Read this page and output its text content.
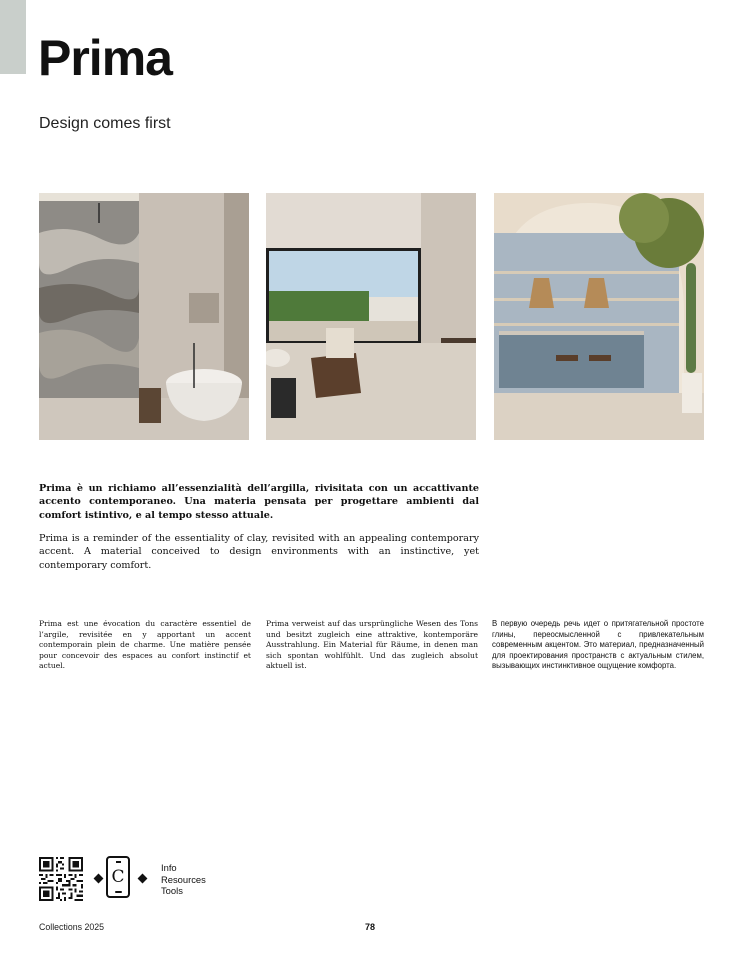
Prima
Design comes first

Prima è un richiamo all’essenzialità dell’argilla, rivisitata con un accattivante accento contemporaneo. Una materia pensata per progettare ambienti dal comfort istintivo, e al tempo stesso attuale.

Prima is a reminder of the essentiality of clay, revisited with an appealing contemporary accent. A material conceived to design environments with an instinctive, yet contemporary comfort.

Prima est une évocation du caractère essentiel de l’argile, revisitée en y apportant un accent contemporain plein de charme. Une matière pensée pour concevoir des espaces au confort instinctif et actuel.

Prima verweist auf das ursprüngliche Wesen des Tons und besitzt zugleich eine attraktive, kontemporäre Ausstrahlung. Ein Material für Räume, in denen man sich spontan wohlfühlt. Und das zugleich absolut aktuell ist.

В первую очередь речь идет о притягательной простоте глины, переосмысленной с привлекательным современным акцентом. Это материал, предназначенный для проектирования пространств с актуальным стилем, вызывающих инстинктивное ощущение комфорта.

C	Info
Resources
Tools
Collections 2025	78
